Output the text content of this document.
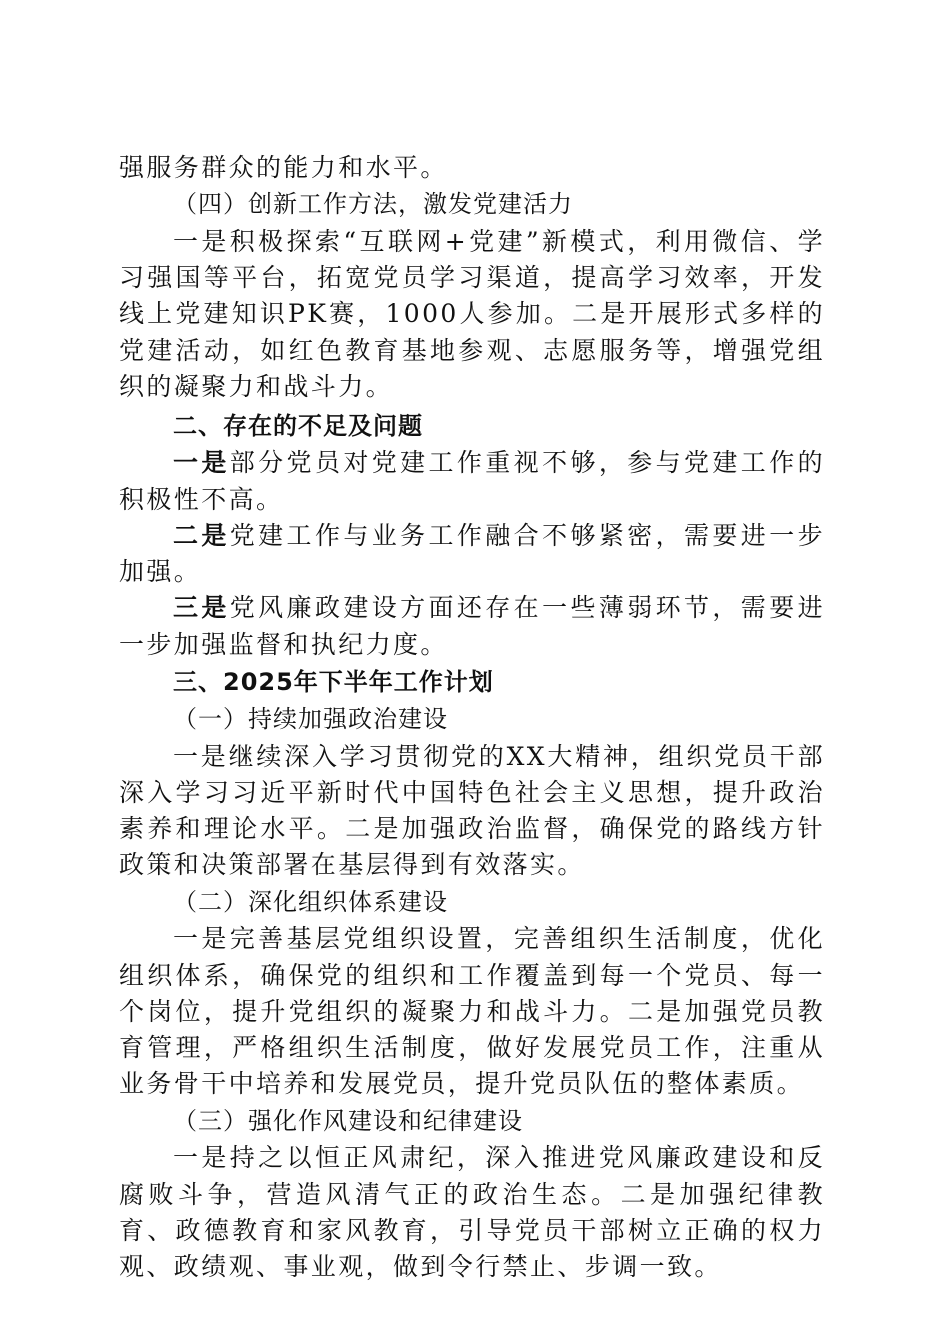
强服务群众的能力和水平。

（四）创新工作方法，激发党建活力

一是积极探索“互联网+党建”新模式，利用微信、学习强国等平台，拓宽党员学习渠道，提高学习效率，开发线上党建知识PK赛，1000人参加。二是开展形式多样的党建活动，如红色教育基地参观、志愿服务等，增强党组织的凝聚力和战斗力。

二、存在的不足及问题

一是部分党员对党建工作重视不够，参与党建工作的积极性不高。

二是党建工作与业务工作融合不够紧密，需要进一步加强。

三是党风廉政建设方面还存在一些薄弱环节，需要进一步加强监督和执纪力度。

三、2025年下半年工作计划

（一）持续加强政治建设

一是继续深入学习贯彻党的XX大精神，组织党员干部深入学习习近平新时代中国特色社会主义思想，提升政治素养和理论水平。二是加强政治监督，确保党的路线方针政策和决策部署在基层得到有效落实。

（二）深化组织体系建设

一是完善基层党组织设置，完善组织生活制度，优化组织体系，确保党的组织和工作覆盖到每一个党员、每一个岗位，提升党组织的凝聚力和战斗力。二是加强党员教育管理，严格组织生活制度，做好发展党员工作，注重从业务骨干中培养和发展党员，提升党员队伍的整体素质。

（三）强化作风建设和纪律建设

一是持之以恒正风肃纪，深入推进党风廉政建设和反腐败斗争，营造风清气正的政治生态。二是加强纪律教育、政德教育和家风教育，引导党员干部树立正确的权力观、政绩观、事业观，做到令行禁止、步调一致。
